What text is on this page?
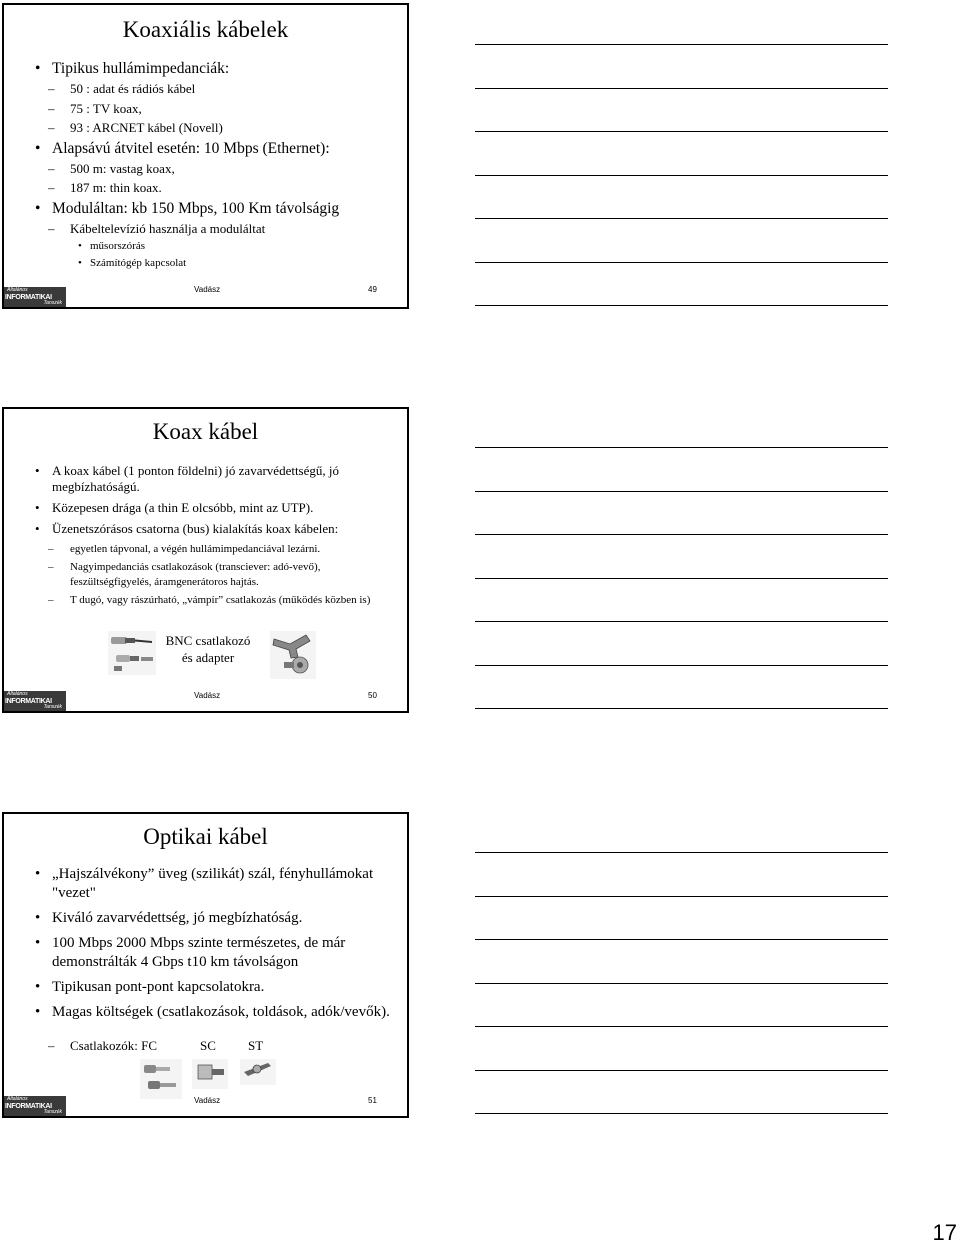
Koaxiális kábelek
• Tipikus hullámimpedanciák:
– 50 : adat és rádiós kábel
– 75 : TV koax,
– 93 : ARCNET kábel (Novell)
• Alapsávú átvitel esetén: 10 Mbps (Ethernet):
– 500 m: vastag koax,
– 187 m: thin koax.
• Moduláltan: kb 150 Mbps, 100 Km távolságig
– Kábeltelevízió használja a moduláltat
• műsorszórás
• Számítógép kapcsolat
Vadász	49
Általános
INFORMATIKAI
Tanszék
Koax kábel
• A koax kábel (1 ponton földelni) jó zavarvédettségű, jó megbízhatóságú.
• Közepesen drága (a thin E olcsóbb, mint az UTP).
• Üzenetszórásos csatorna (bus) kialakítás koax kábelen:
– egyetlen tápvonal, a végén hullámimpedanciával lezárni.
– Nagyimpedanciás csatlakozások (transciever: adó-vevő), feszültségfigyelés, áramgenerátoros hajtás.
– T dugó, vagy rászúrható, „vámpír” csatlakozás (működés közben is)
BNC csatlakozó
és adapter
Vadász	50
Általános
INFORMATIKAI
Tanszék
Optikai kábel
• „Hajszálvékony” üveg (szilikát) szál, fényhullámokat "vezet"
• Kiváló zavarvédettség, jó megbízhatóság.
• 100 Mbps 2000 Mbps szinte természetes, de már demonstrálták 4 Gbps t10 km távolságon
• Tipikusan pont-pont kapcsolatokra.
• Magas költségek (csatlakozások, toldások, adók/vevők).
– Csatlakozók: FC	SC ST
Vadász	51
Általános
INFORMATIKAI
Tanszék
17
